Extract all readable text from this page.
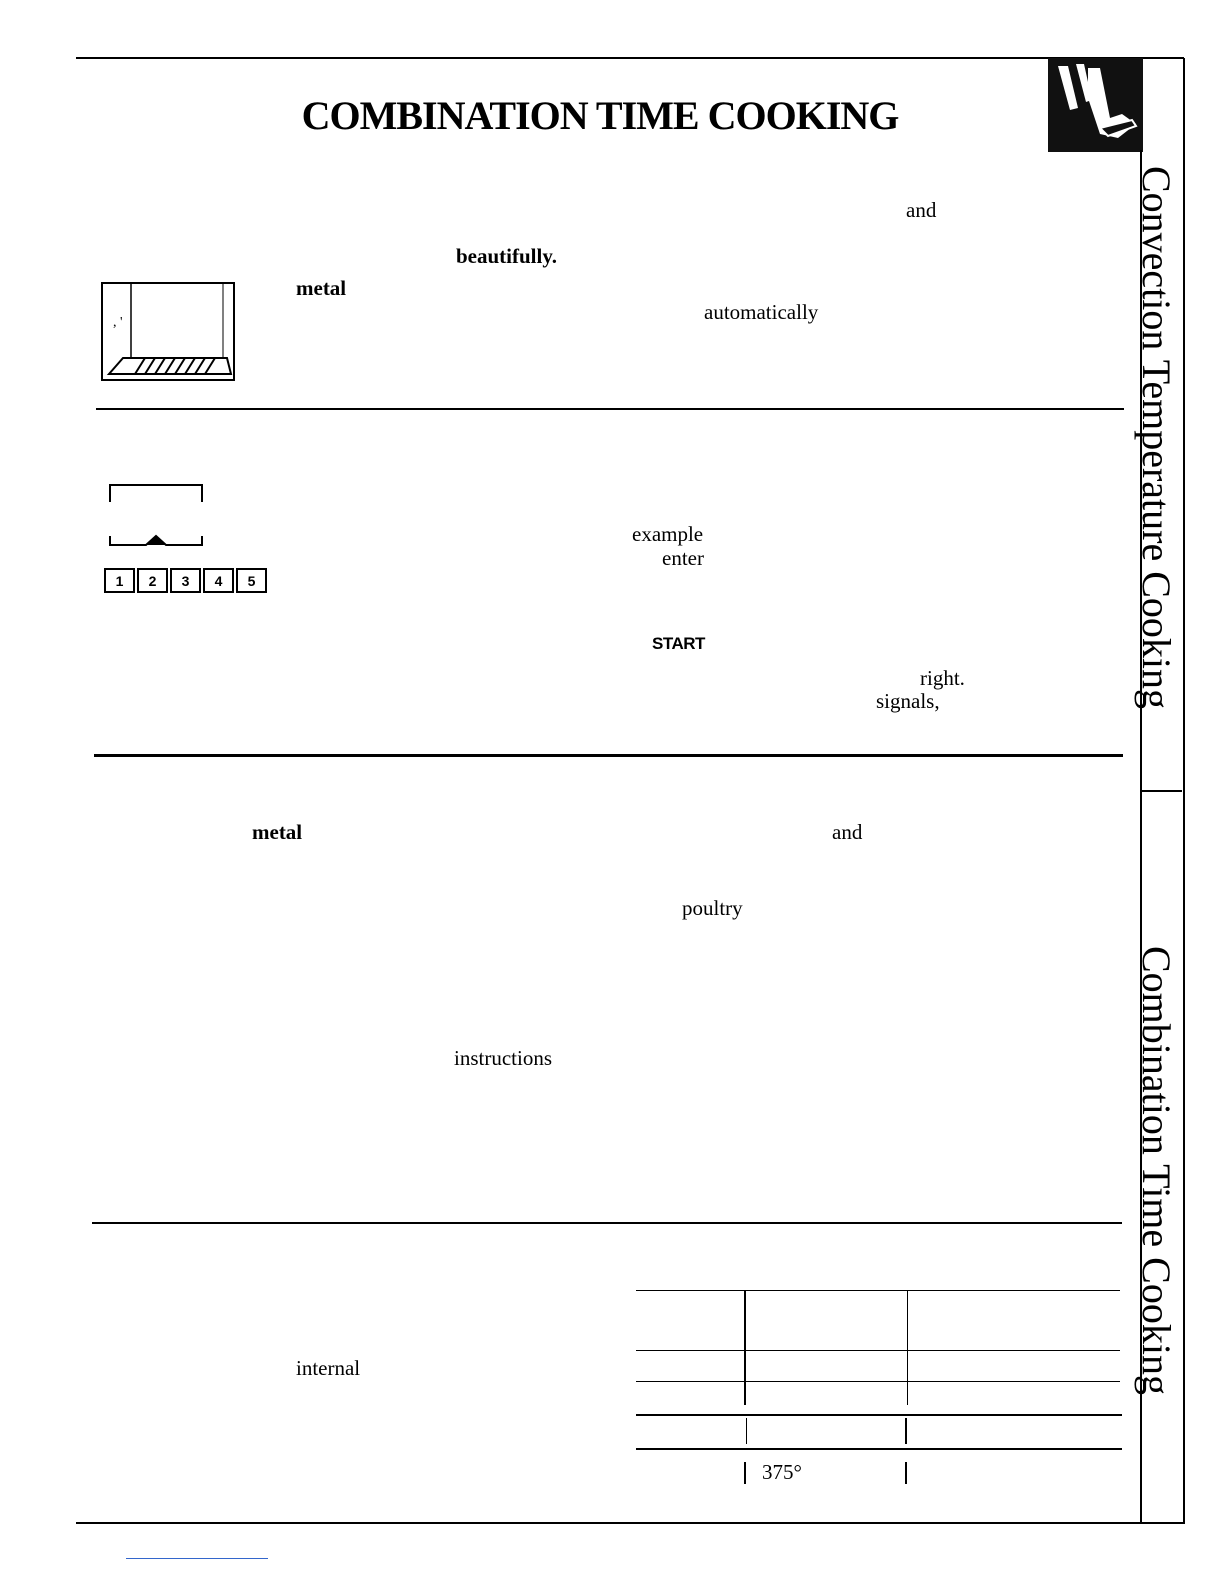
COMBINATION TIME COOKING
and
beautifully.
metal
automatically
, '
1	2	3	4	5
example
enter
START
right.
signals,
metal	and
poultry
instructions
internal
375°
Convection Temperature Cooking
Combination Time Cooking
